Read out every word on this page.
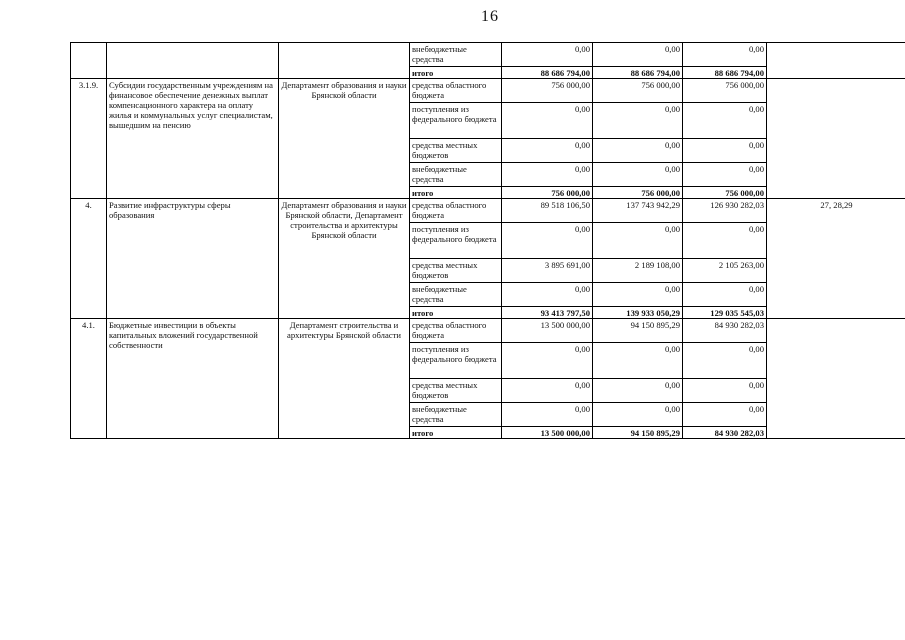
16
			внебюджетные средства	0,00	0,00	0,00	
			итого	88 686 794,00	88 686 794,00	88 686 794,00	
3.1.9.	Субсидии государственным учреждениям на финансовое обеспечение денежных выплат компенсационного характера на оплату жилья и коммунальных услуг специалистам, вышедшим на пенсию	Департамент образования и науки Брянской области	средства областного бюджета	756 000,00	756 000,00	756 000,00	
			поступления из федерального бюджета	0,00	0,00	0,00	
			средства местных бюджетов	0,00	0,00	0,00	
			внебюджетные средства	0,00	0,00	0,00	
			итого	756 000,00	756 000,00	756 000,00	
4.	Развитие инфраструктуры сферы образования	Департамент образования и науки Брянской области, Департамент строительства и архитектуры Брянской области	средства областного бюджета	89 518 106,50	137 743 942,29	126 930 282,03	27, 28,29
			поступления из федерального бюджета	0,00	0,00	0,00	
			средства местных бюджетов	3 895 691,00	2 189 108,00	2 105 263,00	
			внебюджетные средства	0,00	0,00	0,00	
			итого	93 413 797,50	139 933 050,29	129 035 545,03	
4.1.	Бюджетные инвестиции в объекты капитальных вложений государственной собственности	Департамент строительства и архитектуры Брянской области	средства областного бюджета	13 500 000,00	94 150 895,29	84 930 282,03	
			поступления из федерального бюджета	0,00	0,00	0,00	
			средства местных бюджетов	0,00	0,00	0,00	
			внебюджетные средства	0,00	0,00	0,00	
			итого	13 500 000,00	94 150 895,29	84 930 282,03	
